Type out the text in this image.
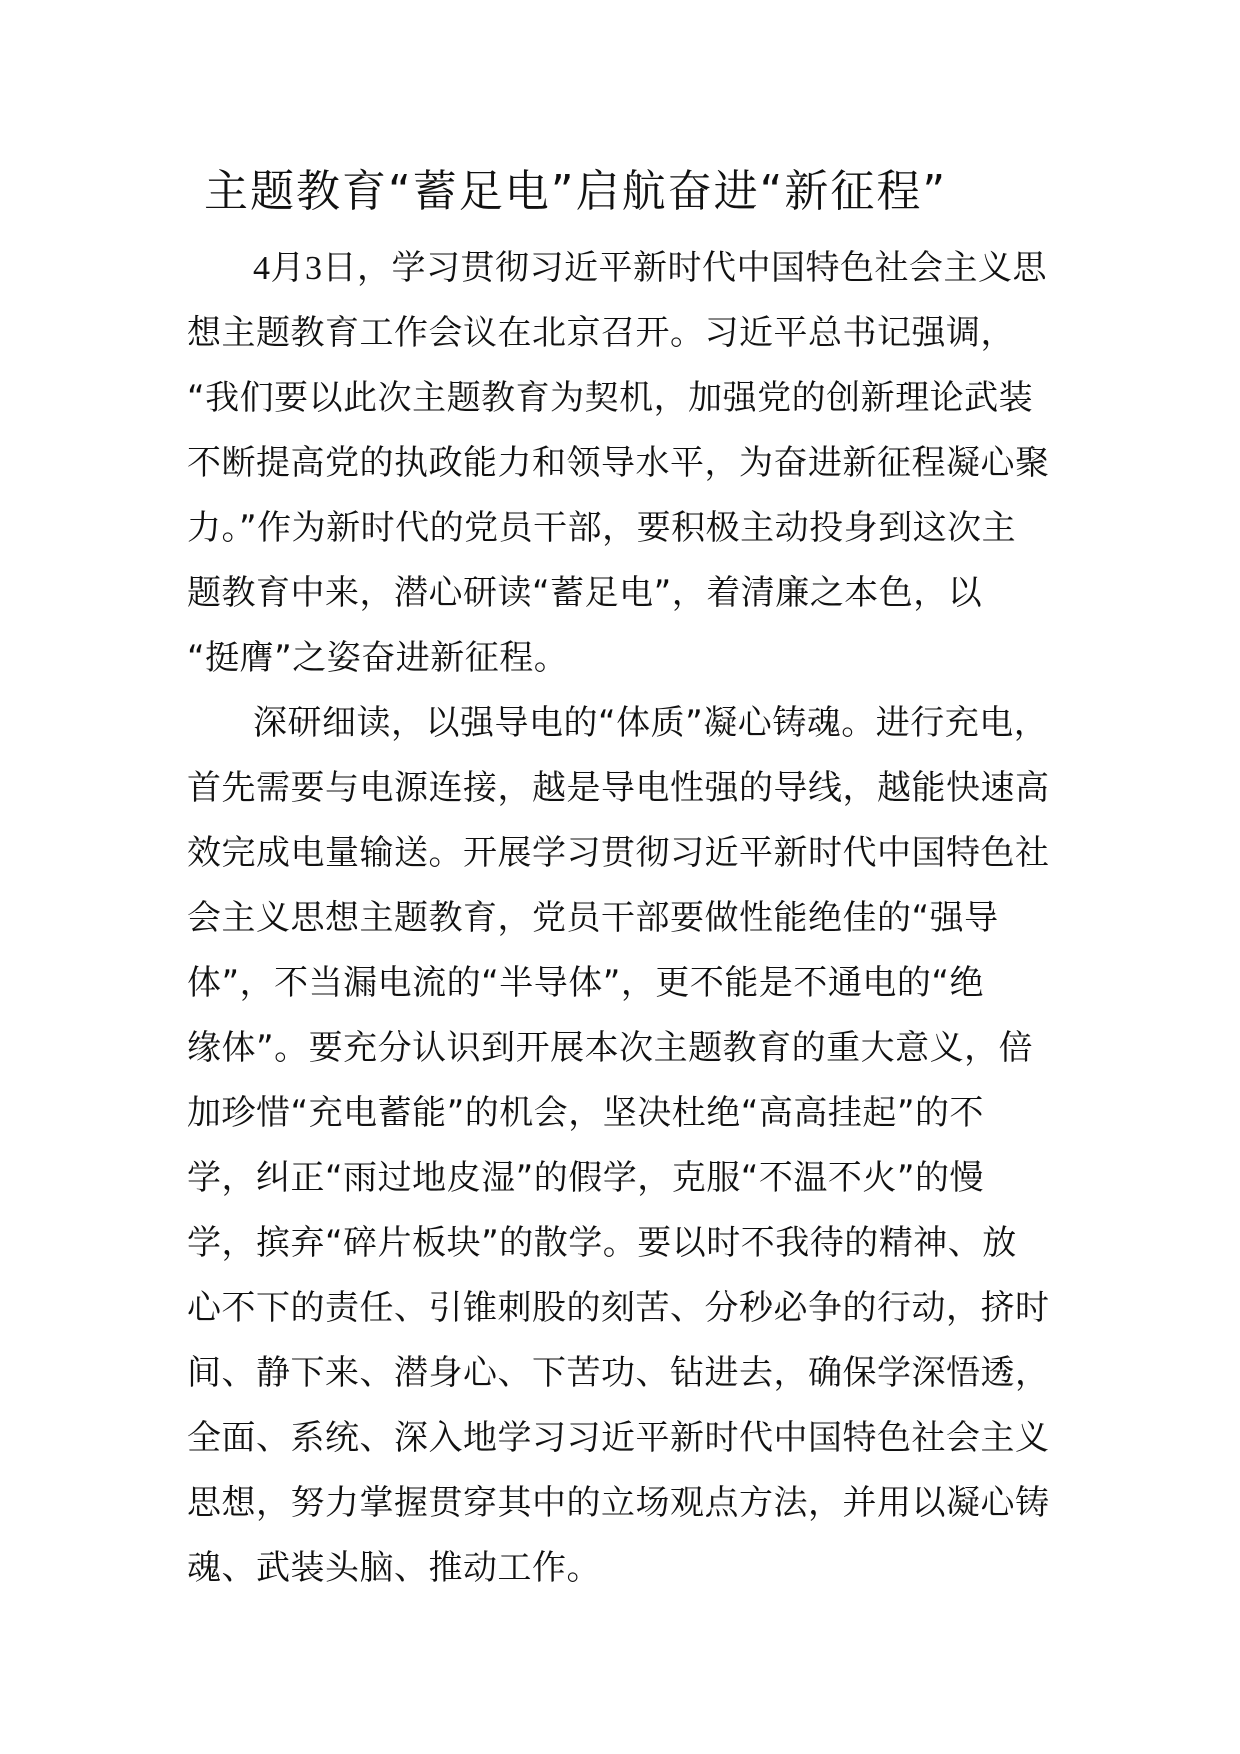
主题教育“蓄足电”启航奋进“新征程”
4月3日，学习贯彻习近平新时代中国特色社会主义思
想主题教育工作会议在北京召开。习近平总书记强调，
“我们要以此次主题教育为契机，加强党的创新理论武装
不断提高党的执政能力和领导水平，为奋进新征程凝心聚
力。”作为新时代的党员干部，要积极主动投身到这次主
题教育中来，潜心研读“蓄足电”，着清廉之本色，以
“挺膺”之姿奋进新征程。
深研细读，以强导电的“体质”凝心铸魂。进行充电，
首先需要与电源连接，越是导电性强的导线，越能快速高
效完成电量输送。开展学习贯彻习近平新时代中国特色社
会主义思想主题教育，党员干部要做性能绝佳的“强导
体”，不当漏电流的“半导体”，更不能是不通电的“绝
缘体”。要充分认识到开展本次主题教育的重大意义，倍
加珍惜“充电蓄能”的机会，坚决杜绝“高高挂起”的不
学，纠正“雨过地皮湿”的假学，克服“不温不火”的慢
学，摈弃“碎片板块”的散学。要以时不我待的精神、放
心不下的责任、引锥刺股的刻苦、分秒必争的行动，挤时
间、静下来、潜身心、下苦功、钻进去，确保学深悟透，
全面、系统、深入地学习习近平新时代中国特色社会主义
思想，努力掌握贯穿其中的立场观点方法，并用以凝心铸
魂、武装头脑、推动工作。
